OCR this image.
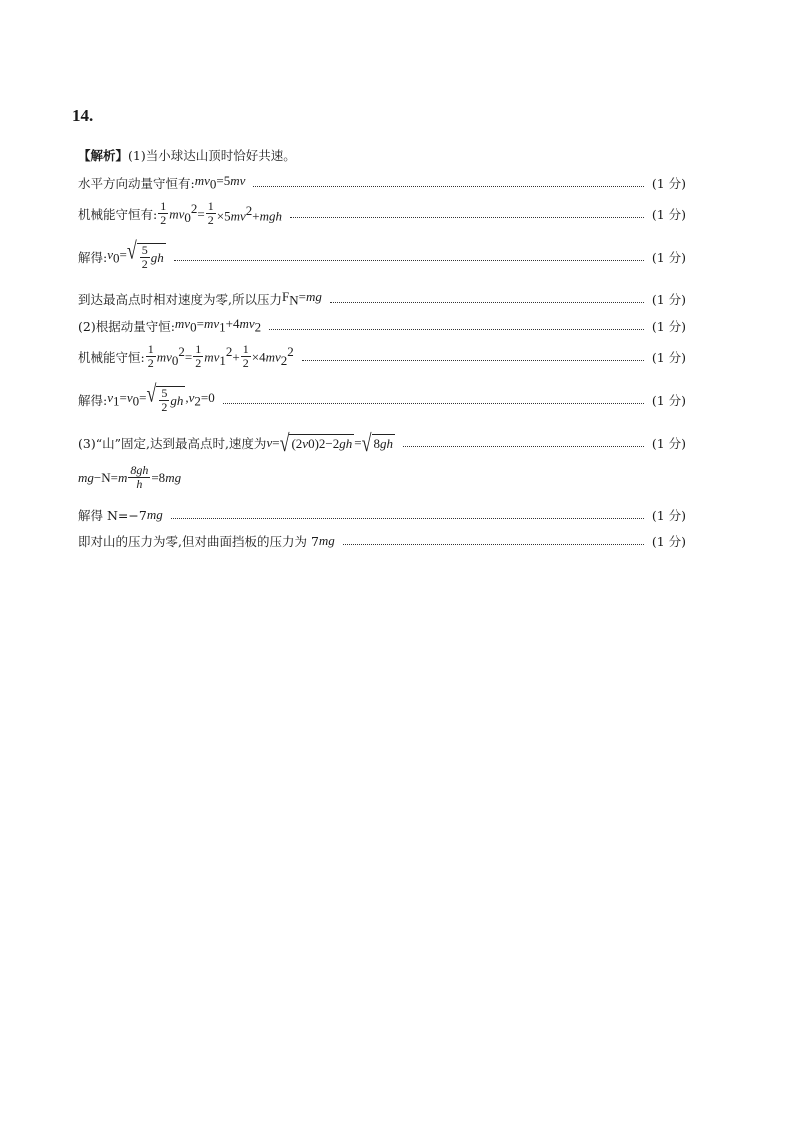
14.
【解析】 (1)当小球达山顶时恰好共速。
水平方向动量守恒有: $mv_0=5mv$	(1 分)
机械能守恒有: $\frac{1}{2} mv_0^2= \frac{1}{2} \times 5mv^2+mgh$	(1 分)
解得: $v_0=$ √ $\frac{5}{2}$ gh	(1 分)
到达最高点时相对速度为零,所以压力 $F_N=mg$	(1 分)
(2)根据动量守恒: $mv_0=mv_1+4mv_2$	(1 分)
机械能守恒: $\frac{1}{2} mv_0^2= \frac{1}{2} mv_1^2+ \frac{1}{2} \times 4mv_2^2$	(1 分)
解得: $v_1=v_0=$ √ $\frac{5}{2}$ gh $,v_2=0$	(1 分)
(3)“山”固定,达到最高点时,速度为 v= √ (2 v 0 ) 2 −2 gh = √ 8 gh	(1 分)
$mg-N=m \frac{8gh}{h} =8mg$
解得 N=−7 mg	(1 分)
即对山的压力为零,但对曲面挡板的压力为 7 mg	(1 分)
